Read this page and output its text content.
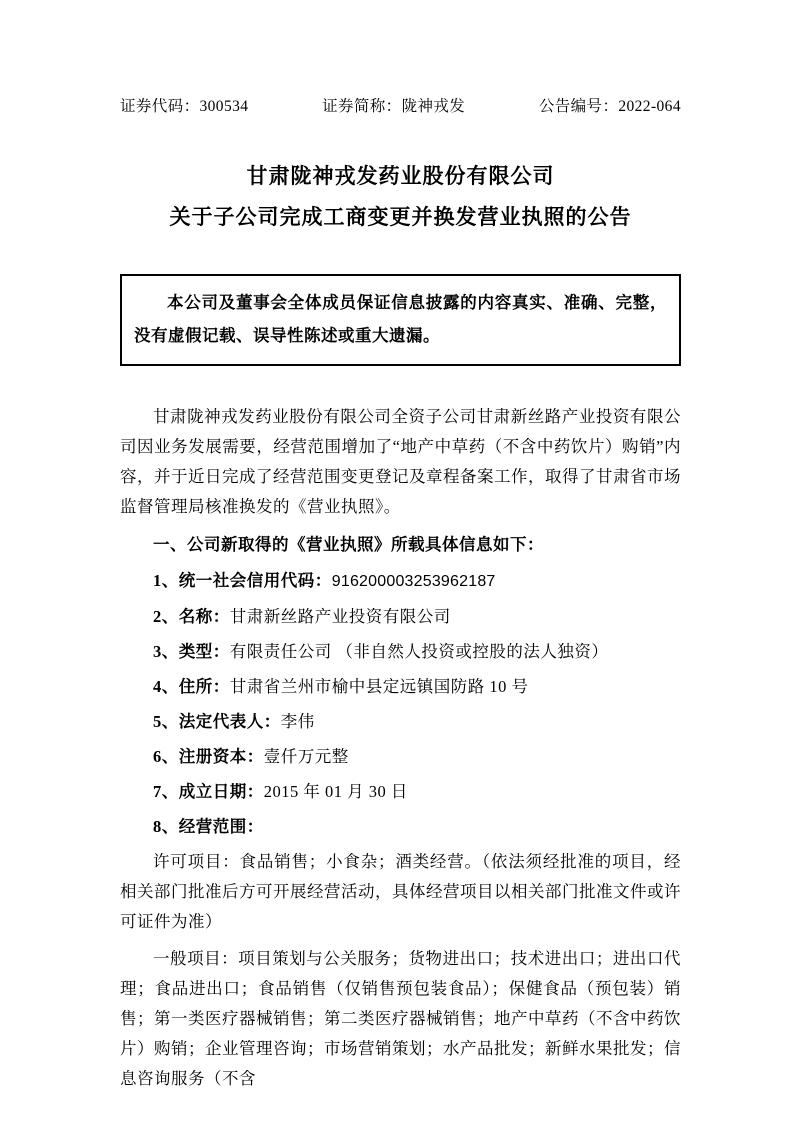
证券代码：300534	证券简称：陇神戎发	公告编号：2022-064

甘肃陇神戎发药业股份有限公司

关于子公司完成工商变更并换发营业执照的公告

本公司及董事会全体成员保证信息披露的内容真实、准确、完整，没有虚假记载、误导性陈述或重大遗漏。

甘肃陇神戎发药业股份有限公司全资子公司甘肃新丝路产业投资有限公司因业务发展需要，经营范围增加了“地产中草药（不含中药饮片）购销”内容，并于近日完成了经营范围变更登记及章程备案工作，取得了甘肃省市场监督管理局核准换发的《营业执照》。

一、公司新取得的《营业执照》所载具体信息如下：

1、统一社会信用代码：916200003253962187

2、名称：甘肃新丝路产业投资有限公司

3、类型：有限责任公司 （非自然人投资或控股的法人独资）

4、住所：甘肃省兰州市榆中县定远镇国防路 10 号

5、法定代表人：李伟

6、注册资本：壹仟万元整

7、成立日期：2015 年 01 月 30 日

8、经营范围：

许可项目：食品销售；小食杂；酒类经营。（依法须经批准的项目，经相关部门批准后方可开展经营活动，具体经营项目以相关部门批准文件或许可证件为准）

一般项目：项目策划与公关服务；货物进出口；技术进出口；进出口代理；食品进出口；食品销售（仅销售预包装食品）；保健食品（预包装）销售；第一类医疗器械销售；第二类医疗器械销售；地产中草药（不含中药饮片）购销；企业管理咨询；市场营销策划；水产品批发；新鲜水果批发；信息咨询服务（不含
